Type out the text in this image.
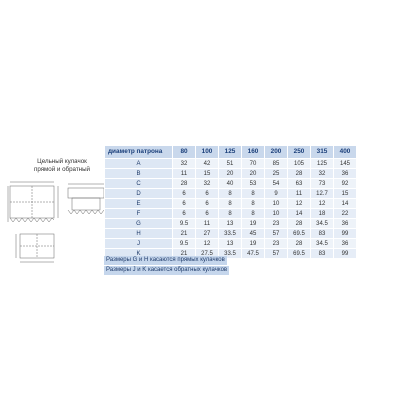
Цельный кулачок
прямой и обратный
диаметр патрона	80	100	125	160	200	250	315	400
A	32	42	51	70	85	105	125	145
B	11	15	20	20	25	28	32	36
C	28	32	40	53	54	63	73	92
D	6	6	8	8	9	11	12.7	15
E	6	6	8	8	10	12	12	14
F	6	6	8	8	10	14	18	22
G	9.5	11	13	19	23	28	34.5	36
H	21	27	33.5	45	57	69.5	83	99
J	9.5	12	13	19	23	28	34.5	36
K	21	27.5	33.5	47.5	57	69.5	83	99
Размеры G и H касаются прямых кулачков
Размеры J и K касается обратных кулачков
